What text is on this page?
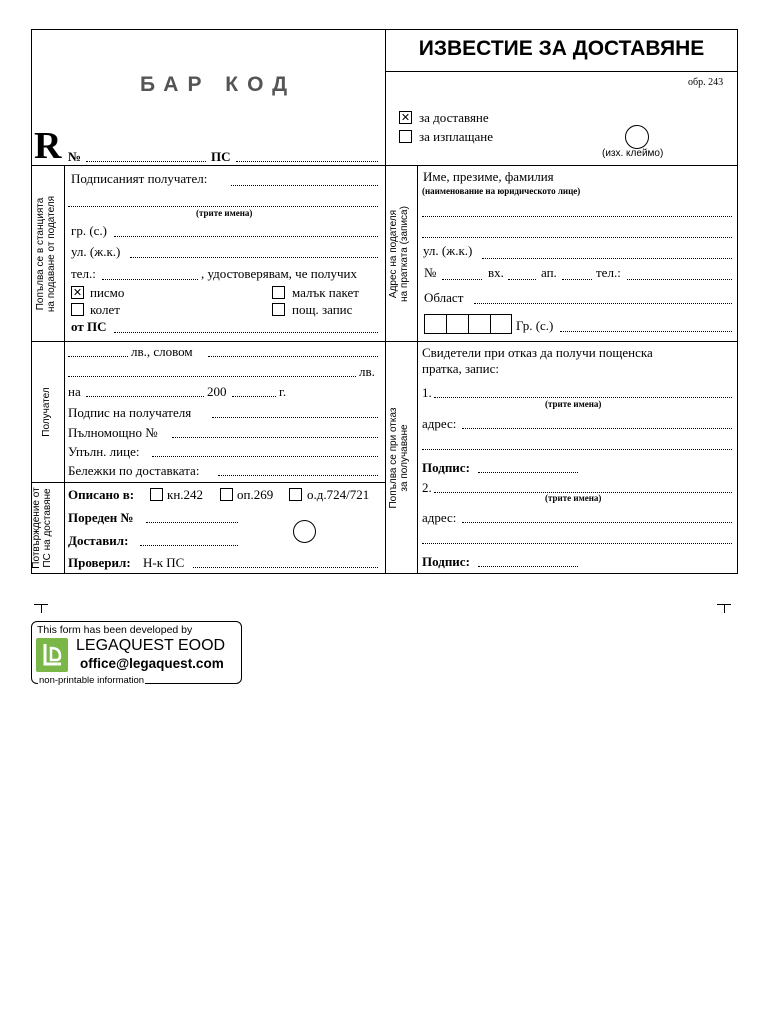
БАР КОД
R №	ПС
ИЗВЕСТИЕ ЗА ДОСТАВЯНЕ
обр. 243
✕
за доставяне
за изплащане
(изх. клеймо)
Попълва се в станцията
на подаване от подателя
Адрес на подателя
на пратката (записа)
Получател
Попълва се при отказ
за получаване
Потвърждение от
ПС на доставяне
Подписаният получател:
(трите имена)
гр. (с.)
ул. (ж.к.)
тел.:	, удостоверявам, че получих
✕
писмо	малък пакет
колет	пощ. запис
от ПС
Име, презиме, фамилия
(наименование на юридическото лице)
ул. (ж.к.)
№	вх.	ап.	тел.:
Област
Гр. (с.)
лв., словом
лв.
на	200	г.
Подпис на получателя
Пълномощно №
Упълн. лице:
Бележки по доставката:
Описано в:	кн.242	оп.269	о.д.724/721
Пореден №
Доставил:
Проверил: Н-к ПС
Свидетели при отказ да получи пощенска
пратка, запис:
1.
(трите имена)
адрес:
Подпис:
2.
(трите имена)
адрес:
Подпис:
This form has been developed by
LEGAQUEST EOOD
office@legaquest.com
non-printable information
